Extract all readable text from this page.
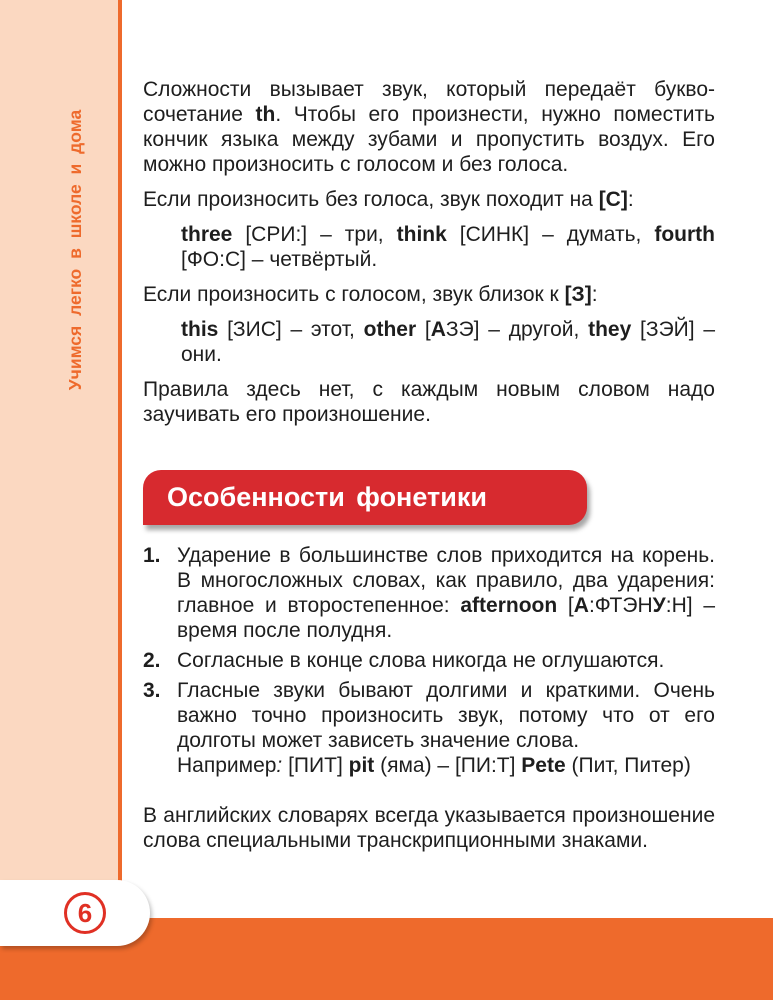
Учимся легко в школе и дома

Сложности вызывает звук, который передаёт буквосочетание th. Чтобы его произнести, нужно поместить кончик языка между зубами и пропустить воздух. Его можно произносить с голосом и без голоса.

Если произносить без голоса, звук походит на [С]:

three [СРИ:] – три, think [СИНК] – думать, fourth [ФО:С] – четвёртый.

Если произносить с голосом, звук близок к [З]:

this [ЗИС] – этот, other [АЗЭ] – другой, they [ЗЭЙ] – они.

Правила здесь нет, с каждым новым словом надо заучивать его произношение.

Особенности фонетики
1. Ударение в большинстве слов приходится на корень. В многосложных словах, как правило, два ударения: главное и второстепенное: afternoon [А:ФТЭНУ:Н] – время после полудня.
2. Согласные в конце слова никогда не оглушаются.
3. Гласные звуки бывают долгими и краткими. Очень важно точно произносить звук, потому что от его долготы может зависеть значение слова.
Например: [ПИТ] pit (яма) – [ПИ:Т] Pete (Пит, Питер)
В английских словарях всегда указывается произношение слова специальными транскрипционными знаками.
6
